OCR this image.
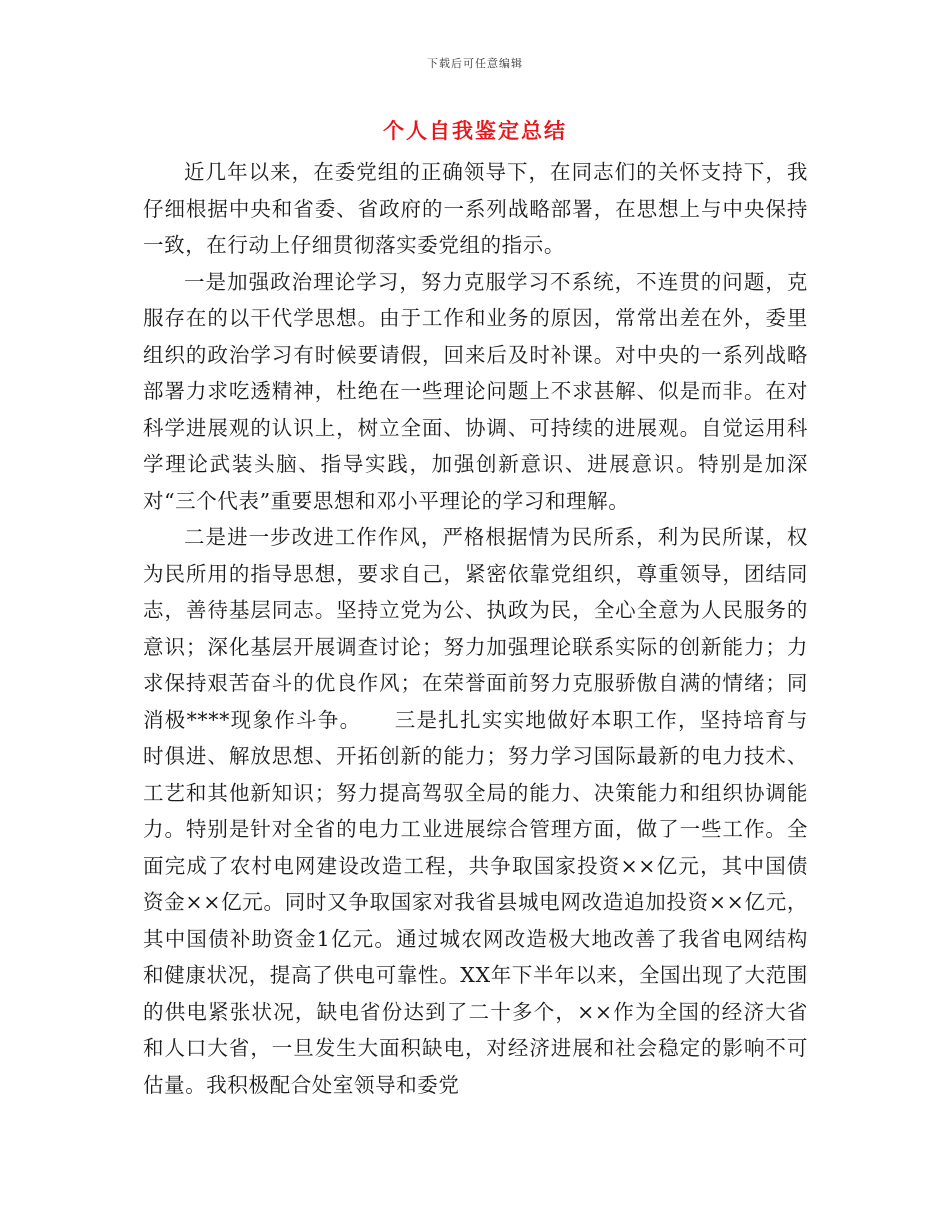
下载后可任意编辑
个人自我鉴定总结

近几年以来，在委党组的正确领导下，在同志们的关怀支持下，我仔细根据中央和省委、省政府的一系列战略部署，在思想上与中央保持一致，在行动上仔细贯彻落实委党组的指示。

一是加强政治理论学习，努力克服学习不系统，不连贯的问题，克服存在的以干代学思想。由于工作和业务的原因，常常出差在外，委里组织的政治学习有时候要请假，回来后及时补课。对中央的一系列战略部署力求吃透精神，杜绝在一些理论问题上不求甚解、似是而非。在对科学进展观的认识上，树立全面、协调、可持续的进展观。自觉运用科学理论武装头脑、指导实践，加强创新意识、进展意识。特别是加深对“三个代表”重要思想和邓小平理论的学习和理解。

二是进一步改进工作作风，严格根据情为民所系，利为民所谋，权为民所用的指导思想，要求自己，紧密依靠党组织，尊重领导，团结同志，善待基层同志。坚持立党为公、执政为民，全心全意为人民服务的意识；深化基层开展调查讨论；努力加强理论联系实际的创新能力；力求保持艰苦奋斗的优良作风；在荣誉面前努力克服骄傲自满的情绪；同消极****现象作斗争。　　三是扎扎实实地做好本职工作，坚持培育与时俱进、解放思想、开拓创新的能力；努力学习国际最新的电力技术、工艺和其他新知识；努力提高驾驭全局的能力、决策能力和组织协调能力。特别是针对全省的电力工业进展综合管理方面，做了一些工作。全面完成了农村电网建设改造工程，共争取国家投资××亿元，其中国债资金××亿元。同时又争取国家对我省县城电网改造追加投资××亿元，其中国债补助资金1亿元。通过城农网改造极大地改善了我省电网结构和健康状况，提高了供电可靠性。XX年下半年以来，全国出现了大范围的供电紧张状况，缺电省份达到了二十多个，××作为全国的经济大省和人口大省，一旦发生大面积缺电，对经济进展和社会稳定的影响不可估量。我积极配合处室领导和委党
